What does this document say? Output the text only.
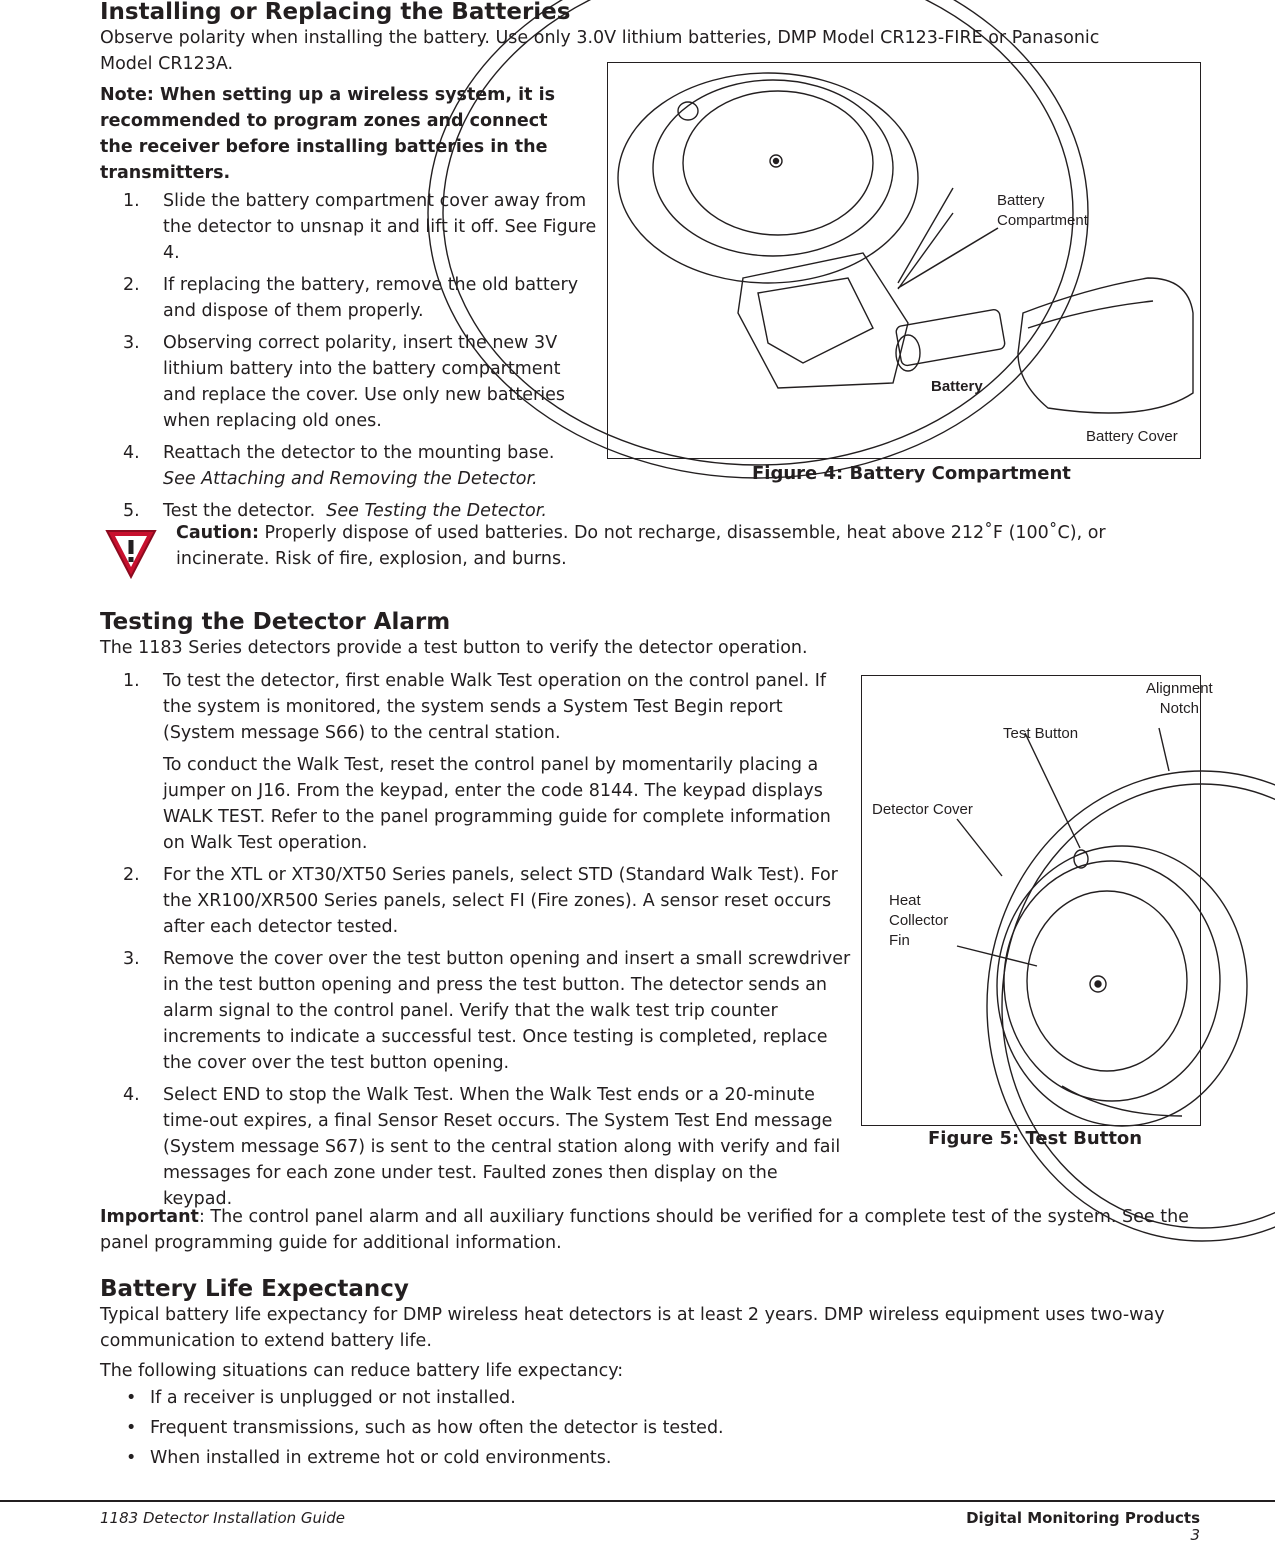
Installing or Replacing the Batteries

Observe polarity when installing the battery. Use only 3.0V lithium batteries, DMP Model CR123-FIRE or Panasonic

Model CR123A.

Note: When setting up a wireless system, it is recommended to program zones and connect the receiver before installing batteries in the transmitters.

1. Slide the battery compartment cover away from the detector to unsnap it and lift it off. See Figure 4.
2. If replacing the battery, remove the old battery and dispose of them properly.
3. Observing correct polarity, insert the new 3V lithium battery into the battery compartment and replace the cover. Use only new batteries when replacing old ones.
4. Reattach the detector to the mounting base.
See Attaching and Removing the Detector.
5. Test the detector.  See Testing the Detector.
Battery
Compartment
Battery
Battery Cover
Figure 4: Battery Compartment

Caution: Properly dispose of used batteries. Do not recharge, disassemble, heat above 212˚F (100˚C), or incinerate. Risk of fire, explosion, and burns.

Testing the Detector Alarm

The 1183 Series detectors provide a test button to verify the detector operation.

1. To test the detector, first enable Walk Test operation on the control panel. If the system is monitored, the system sends a System Test Begin report (System message S66) to the central station.

To conduct the Walk Test, reset the control panel by momentarily placing a jumper on J16. From the keypad, enter the code 8144. The keypad displays WALK TEST. Refer to the panel programming guide for complete information on Walk Test operation.

2. For the XTL or XT30/XT50 Series panels, select STD (Standard Walk Test). For the XR100/XR500 Series panels, select FI (Fire zones). A sensor reset occurs after each detector tested.

3. Remove the cover over the test button opening and insert a small screwdriver in the test button opening and press the test button. The detector sends an alarm signal to the control panel. Verify that the walk test trip counter increments to indicate a successful test. Once testing is completed, replace the cover over the test button opening.

4. Select END to stop the Walk Test. When the Walk Test ends or a 20-minute time-out expires, a final Sensor Reset occurs. The System Test End message (System message S67) is sent to the central station along with verify and fail messages for each zone under test. Faulted zones then display on the keypad.

Alignment
Notch
Test Button
Detector Cover
Heat
Collector
Fin
Figure 5: Test Button

Important: The control panel alarm and all auxiliary functions should be verified for a complete test of the system. See the panel programming guide for additional information.

Battery Life Expectancy

Typical battery life expectancy for DMP wireless heat detectors is at least 2 years. DMP wireless equipment uses two-way communication to extend battery life.

The following situations can reduce battery life expectancy:

• If a receiver is unplugged or not installed.
• Frequent transmissions, such as how often the detector is tested.
• When installed in extreme hot or cold environments.
1183 Detector Installation Guide	Digital Monitoring Products
3
